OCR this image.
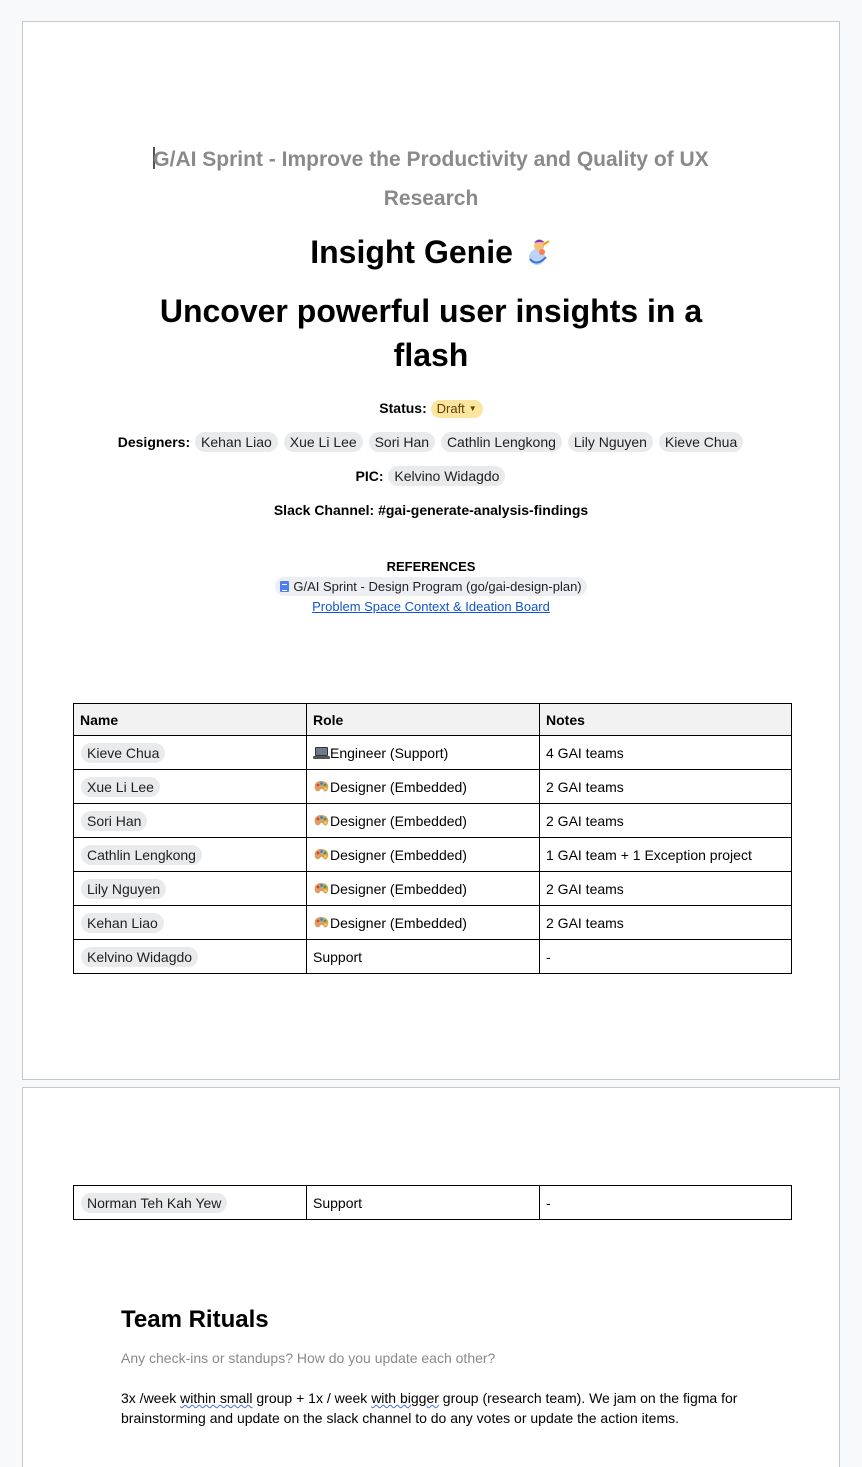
G/AI Sprint - Improve the Productivity and Quality of UX Research
Insight Genie
Uncover powerful user insights in a flash
Status: Draft ▼
Designers: Kehan Liao Xue Li Lee Sori Han Cathlin Lengkong Lily Nguyen Kieve Chua
PIC: Kelvino Widagdo
Slack Channel: #gai-generate-analysis-findings
REFERENCES
G/AI Sprint - Design Program (go/gai-design-plan)
Problem Space Context & Ideation Board
Name	Role	Notes
Kieve Chua	Engineer (Support)	4 GAI teams
Xue Li Lee	Designer (Embedded)	2 GAI teams
Sori Han	Designer (Embedded)	2 GAI teams
Cathlin Lengkong	Designer (Embedded)	1 GAI team + 1 Exception project
Lily Nguyen	Designer (Embedded)	2 GAI teams
Kehan Liao	Designer (Embedded)	2 GAI teams
Kelvino Widagdo	Support	-
Norman Teh Kah Yew	Support	-
Team Rituals
Any check-ins or standups? How do you update each other?
3x /week within small group + 1x / week with bigger group (research team). We jam on the figma for brainstorming and update on the slack channel to do any votes or update the action items.
